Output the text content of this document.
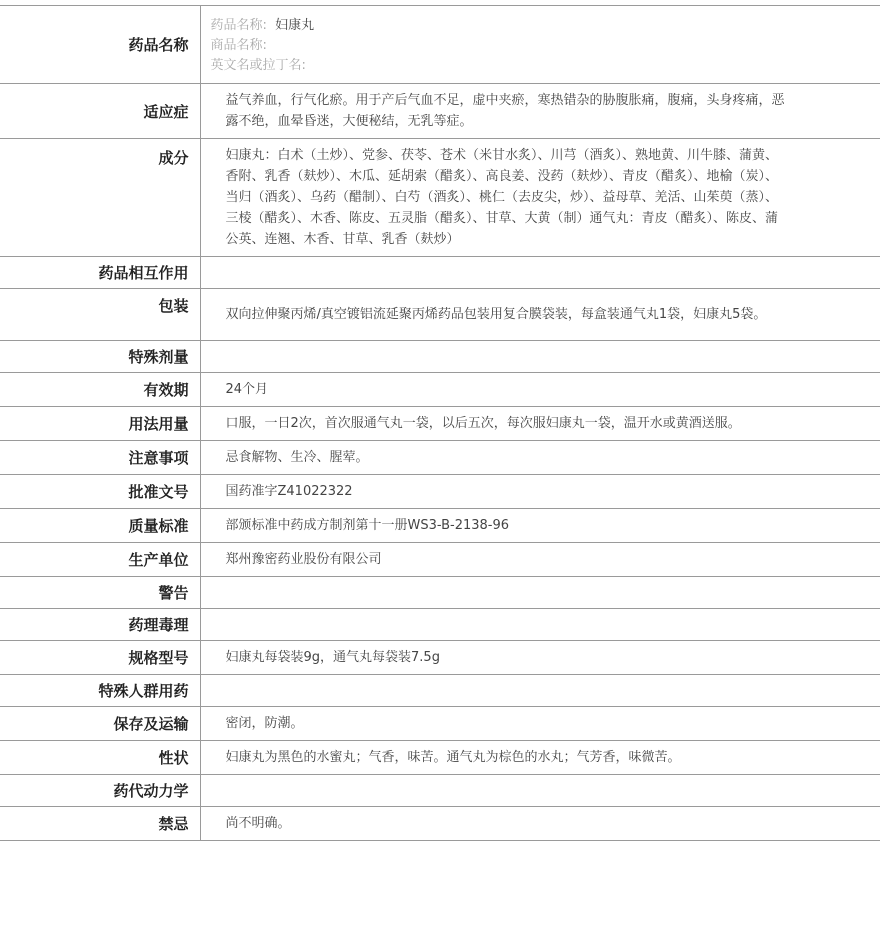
药品名称	药品名称: 妇康丸
商品名称:
英文名或拉丁名:

适应症	益气养血，行气化瘀。用于产后气血不足，虚中夹瘀，寒热错杂的胁腹胀痛，腹痛，头身疼痛，恶露不绝，血晕昏迷，大便秘结，无乳等症。
成分	妇康丸：白术（土炒）、党参、茯苓、苍术（米甘水炙）、川芎（酒炙）、熟地黄、川牛膝、蒲黄、香附、乳香（麸炒）、木瓜、延胡索（醋炙）、高良姜、没药（麸炒）、青皮（醋炙）、地榆（炭）、当归（酒炙）、乌药（醋制）、白芍（酒炙）、桃仁（去皮尖，炒）、益母草、羌活、山茱萸（蒸）、三棱（醋炙）、木香、陈皮、五灵脂（醋炙）、甘草、大黄（制）通气丸：青皮（醋炙）、陈皮、蒲公英、连翘、木香、甘草、乳香（麸炒）
药品相互作用	
包装	双向拉伸聚丙烯/真空镀铝流延聚丙烯药品包装用复合膜袋装，每盒装通气丸1袋，妇康丸5袋。
特殊剂量	
有效期	24个月
用法用量	口服，一日2次，首次服通气丸一袋，以后五次，每次服妇康丸一袋，温开水或黄酒送服。
注意事项	忌食解物、生冷、腥荤。
批准文号	国药准字Z41022322
质量标准	部颁标准中药成方制剂第十一册WS3-B-2138-96
生产单位	郑州豫密药业股份有限公司
警告	
药理毒理	
规格型号	妇康丸每袋装9g，通气丸每袋装7.5g
特殊人群用药	
保存及运输	密闭，防潮。
性状	妇康丸为黑色的水蜜丸；气香，味苦。通气丸为棕色的水丸；气芳香，味微苦。
药代动力学	
禁忌	尚不明确。
